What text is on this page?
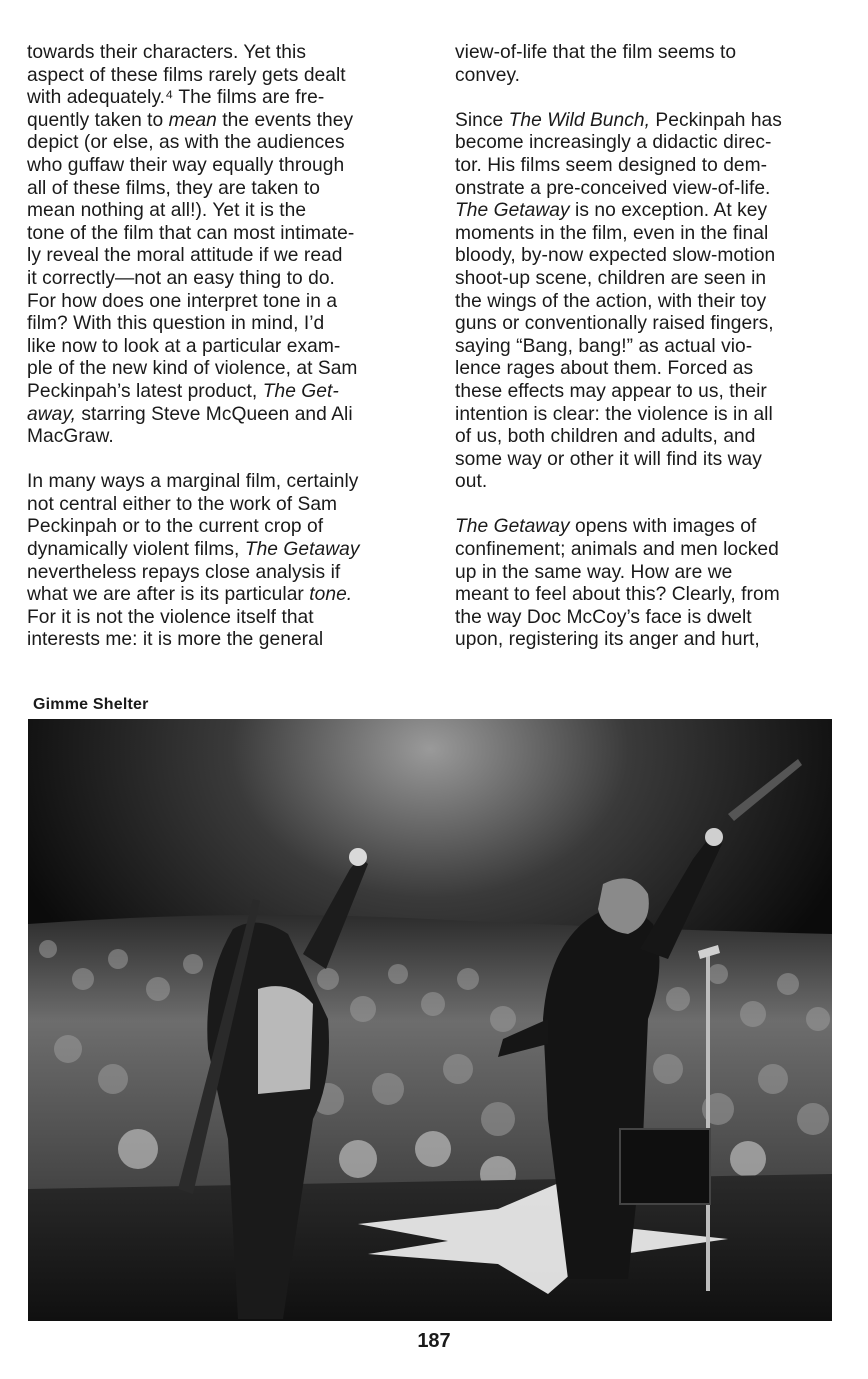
towards their characters. Yet this

aspect of these films rarely gets dealt

with adequately.⁴ The films are fre-

quently taken to mean the events they

depict (or else, as with the audiences

who guffaw their way equally through

all of these films, they are taken to

mean nothing at all!). Yet it is the

tone of the film that can most intimate-

ly reveal the moral attitude if we read

it correctly—not an easy thing to do.

For how does one interpret tone in a

film? With this question in mind, I’d

like now to look at a particular exam-

ple of the new kind of violence, at Sam

Peckinpah’s latest product, The Get-

away, starring Steve McQueen and Ali

MacGraw.

In many ways a marginal film, certainly

not central either to the work of Sam

Peckinpah or to the current crop of

dynamically violent films, The Getaway

nevertheless repays close analysis if

what we are after is its particular tone.

For it is not the violence itself that

interests me: it is more the general

view-of-life that the film seems to

convey.

Since The Wild Bunch, Peckinpah has

become increasingly a didactic direc-

tor. His films seem designed to dem-

onstrate a pre-conceived view-of-life.

The Getaway is no exception. At key

moments in the film, even in the final

bloody, by-now expected slow-motion

shoot-up scene, children are seen in

the wings of the action, with their toy

guns or conventionally raised fingers,

saying “Bang, bang!” as actual vio-

lence rages about them. Forced as

these effects may appear to us, their

intention is clear: the violence is in all

of us, both children and adults, and

some way or other it will find its way

out.

The Getaway opens with images of

confinement; animals and men locked

up in the same way. How are we

meant to feel about this? Clearly, from

the way Doc McCoy’s face is dwelt

upon, registering its anger and hurt,

Gimme Shelter
187
